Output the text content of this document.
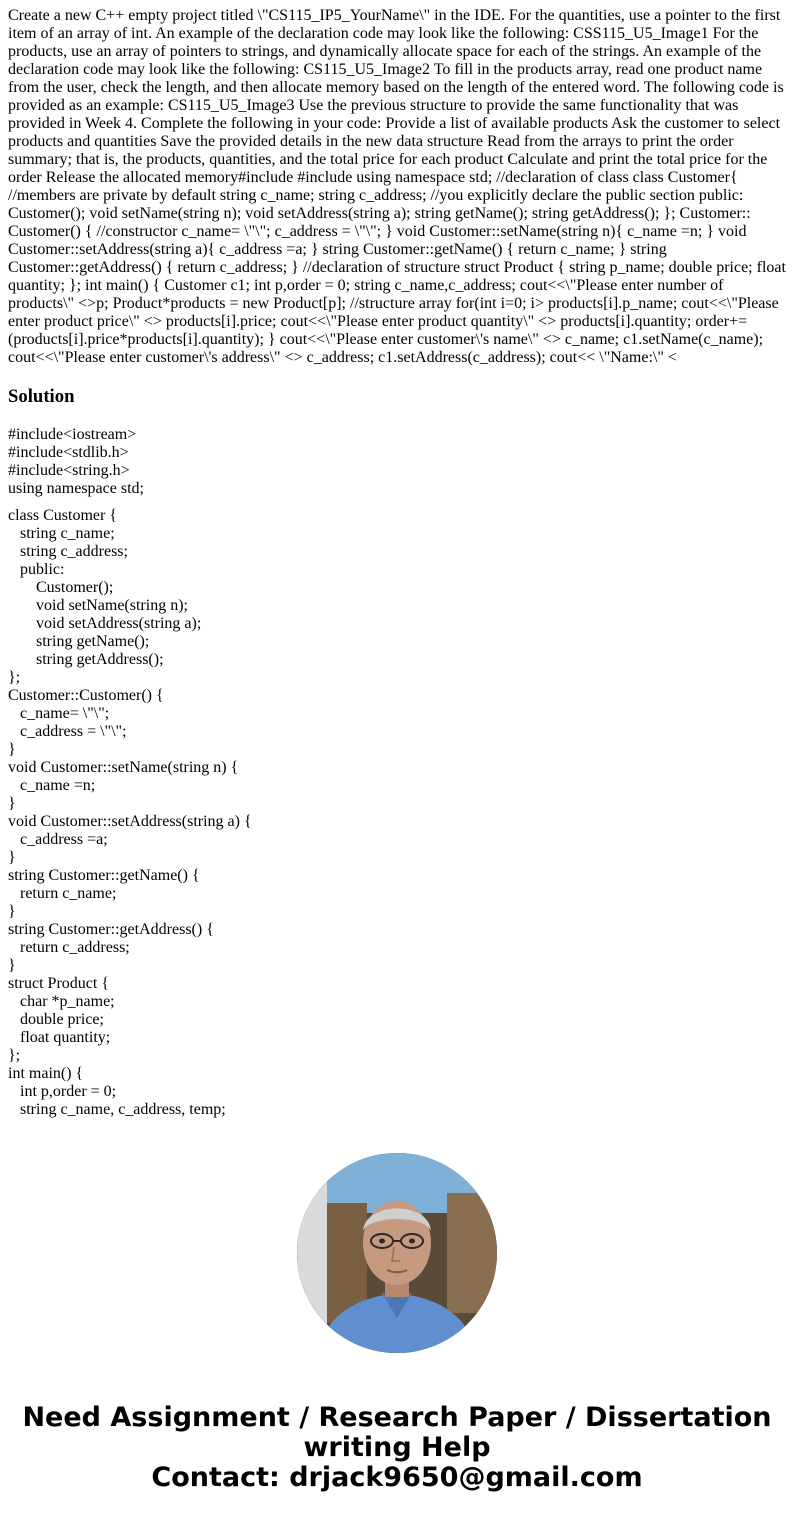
Create a new C++ empty project titled \"CS115_IP5_YourName\" in the IDE. For the quantities, use a pointer to the first item of an array of int. An example of the declaration code may look like the following: CSS115_U5_Image1 For the products, use an array of pointers to strings, and dynamically allocate space for each of the strings. An example of the declaration code may look like the following: CS115_U5_Image2 To fill in the products array, read one product name from the user, check the length, and then allocate memory based on the length of the entered word. The following code is provided as an example: CS115_U5_Image3 Use the previous structure to provide the same functionality that was provided in Week 4. Complete the following in your code: Provide a list of available products Ask the customer to select products and quantities Save the provided details in the new data structure Read from the arrays to print the order summary; that is, the products, quantities, and the total price for each product Calculate and print the total price for the order Release the allocated memory#include #include using namespace std; //declaration of class class Customer{ //members are private by default string c_name; string c_address; //you explicitly declare the public section public: Customer(); void setName(string n); void setAddress(string a); string getName(); string getAddress(); }; Customer:: Customer() { //constructor c_name= \"\"; c_address = \"\"; } void Customer::setName(string n){ c_name =n; } void Customer::setAddress(string a){ c_address =a; } string Customer::getName() { return c_name; } string Customer::getAddress() { return c_address; } //declaration of structure struct Product { string p_name; double price; float quantity; }; int main() { Customer c1; int p,order = 0; string c_name,c_address; cout<<\"Please enter number of products\" <>p; Product*products = new Product[p]; //structure array for(int i=0; i> products[i].p_name; cout<<\"Please enter product price\" <> products[i].price; cout<<\"Please enter product quantity\" <> products[i].quantity; order+=(products[i].price*products[i].quantity); } cout<<\"Please enter customer\'s name\" <> c_name; c1.setName(c_name); cout<<\"Please enter customer\'s address\" <> c_address; c1.setAddress(c_address); cout<< \"Name:\" <
Solution
#include<iostream>
#include<stdlib.h>
#include<string.h>
using namespace std;
class Customer {
string c_name;
string c_address;
public:
Customer();
void setName(string n);
void setAddress(string a);
string getName();
string getAddress();
};
Customer::Customer() {
c_name= \"\";
c_address = \"\";
}
void Customer::setName(string n) {
c_name =n;
}
void Customer::setAddress(string a) {
c_address =a;
}
string Customer::getName() {
return c_name;
}
string Customer::getAddress() {
return c_address;
}
struct Product {
char *p_name;
double price;
float quantity;
};
int main() {
int p,order = 0;
string c_name, c_address, temp;
Need Assignment / Research Paper / Dissertation
writing Help
Contact: drjack9650@gmail.com
